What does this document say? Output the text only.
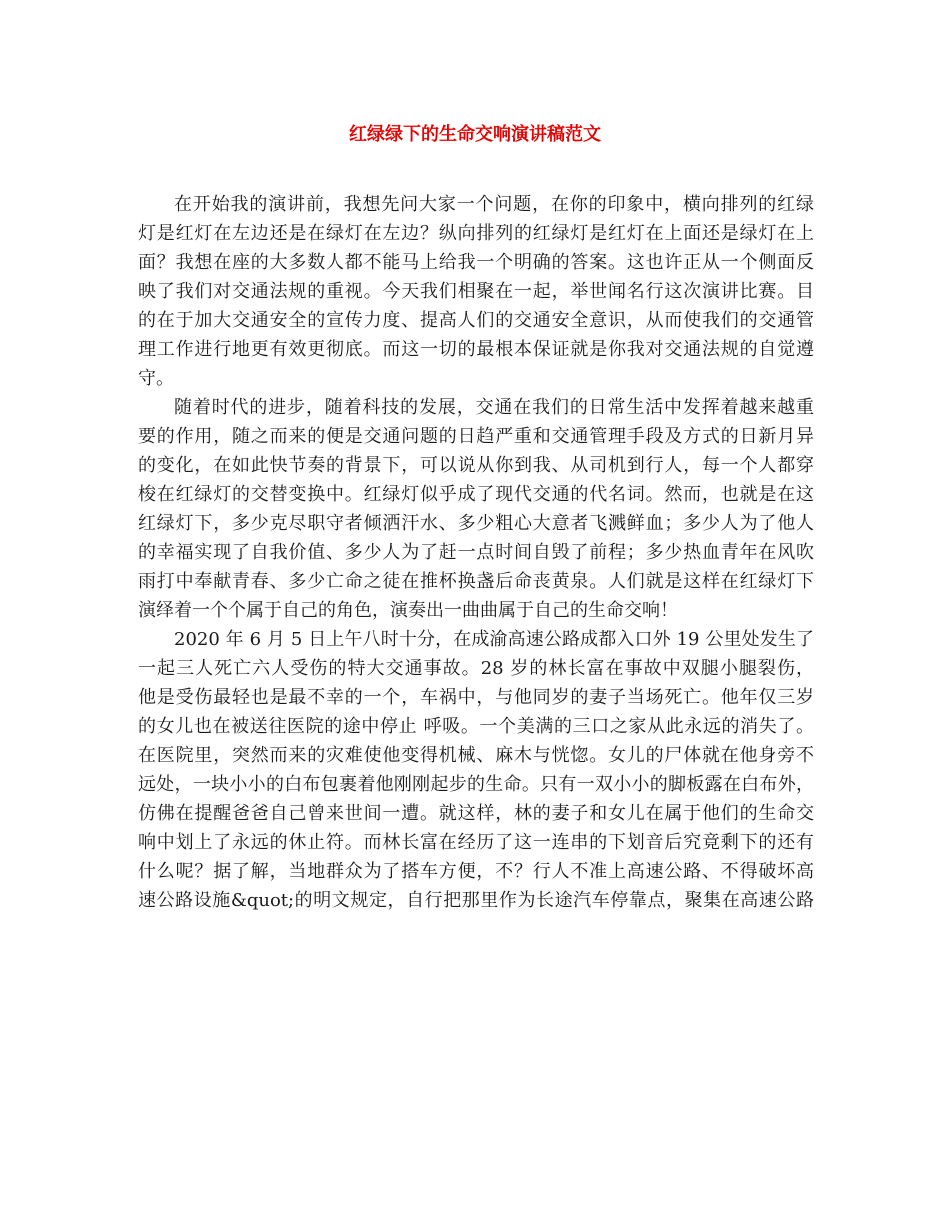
红绿绿下的生命交响演讲稿范文
在开始我的演讲前，我想先问大家一个问题，在你的印象中，横向排列的红绿
灯是红灯在左边还是在绿灯在左边？纵向排列的红绿灯是红灯在上面还是绿灯在上
面？我想在座的大多数人都不能马上给我一个明确的答案。这也许正从一个侧面反
映了我们对交通法规的重视。今天我们相聚在一起，举世闻名行这次演讲比赛。目
的在于加大交通安全的宣传力度、提高人们的交通安全意识，从而使我们的交通管
理工作进行地更有效更彻底。而这一切的最根本保证就是你我对交通法规的自觉遵
守。
随着时代的进步，随着科技的发展，交通在我们的日常生活中发挥着越来越重
要的作用，随之而来的便是交通问题的日趋严重和交通管理手段及方式的日新月异
的变化，在如此快节奏的背景下，可以说从你到我、从司机到行人，每一个人都穿
梭在红绿灯的交替变换中。红绿灯似乎成了现代交通的代名词。然而，也就是在这
红绿灯下，多少克尽职守者倾洒汗水、多少粗心大意者飞溅鲜血；多少人为了他人
的幸福实现了自我价值、多少人为了赶一点时间自毁了前程；多少热血青年在风吹
雨打中奉献青春、多少亡命之徒在推杯换盏后命丧黄泉。人们就是这样在红绿灯下
演绎着一个个属于自己的角色，演奏出一曲曲属于自己的生命交响！
2020 年 6 月 5 日上午八时十分，在成渝高速公路成都入口外 19 公里处发生了
一起三人死亡六人受伤的特大交通事故。28 岁的林长富在事故中双腿小腿裂伤，
他是受伤最轻也是最不幸的一个，车祸中，与他同岁的妻子当场死亡。他年仅三岁
的女儿也在被送往医院的途中停止 呼吸。一个美满的三口之家从此永远的消失了。
在医院里，突然而来的灾难使他变得机械、麻木与恍惚。女儿的尸体就在他身旁不
远处，一块小小的白布包裹着他刚刚起步的生命。只有一双小小的脚板露在白布外，
仿佛在提醒爸爸自己曾来世间一遭。就这样，林的妻子和女儿在属于他们的生命交
响中划上了永远的休止符。而林长富在经历了这一连串的下划音后究竟剩下的还有
什么呢？据了解，当地群众为了搭车方便，不？行人不准上高速公路、不得破坏高
速公路设施&quot;的明文规定，自行把那里作为长途汽车停靠点，聚集在高速公路
